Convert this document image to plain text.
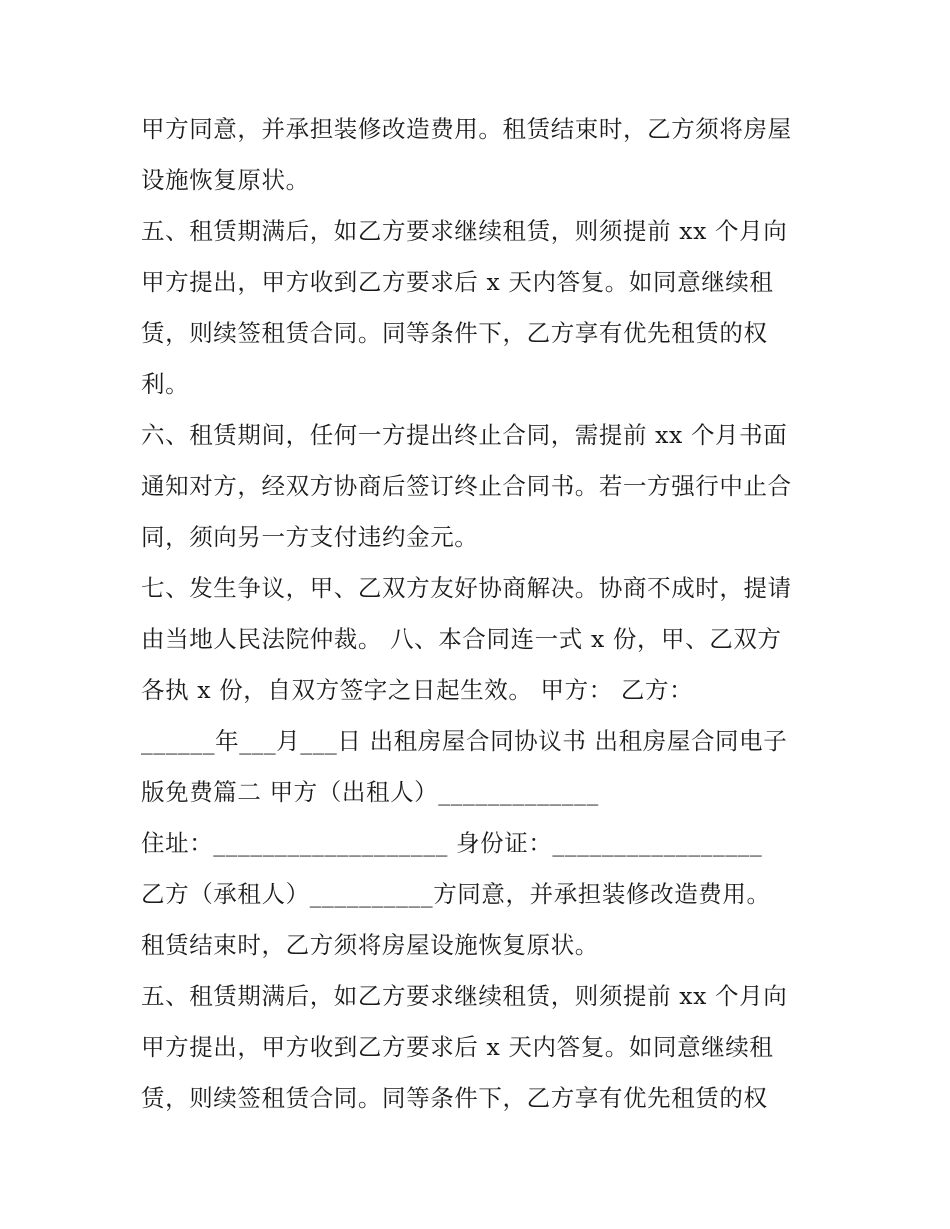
甲方同意，并承担装修改造费用。租赁结束时，乙方须将房屋
设施恢复原状。
五、租赁期满后，如乙方要求继续租赁，则须提前 xx 个月向
甲方提出，甲方收到乙方要求后 x 天内答复。如同意继续租
赁，则续签租赁合同。同等条件下，乙方享有优先租赁的权
利。
六、租赁期间，任何一方提出终止合同，需提前 xx 个月书面
通知对方，经双方协商后签订终止合同书。若一方强行中止合
同，须向另一方支付违约金元。
七、发生争议，甲、乙双方友好协商解决。协商不成时，提请
由当地人民法院仲裁。 八、本合同连一式 x 份，甲、乙双方
各执 x 份，自双方签字之日起生效。 甲方： 乙方：
______年___月___日 出租房屋合同协议书 出租房屋合同电子
版免费篇二 甲方（出租人）_____________
住址：___________________ 身份证：_________________
乙方（承租人）__________方同意，并承担装修改造费用。
租赁结束时，乙方须将房屋设施恢复原状。
五、租赁期满后，如乙方要求继续租赁，则须提前 xx 个月向
甲方提出，甲方收到乙方要求后 x 天内答复。如同意继续租
赁，则续签租赁合同。同等条件下，乙方享有优先租赁的权
